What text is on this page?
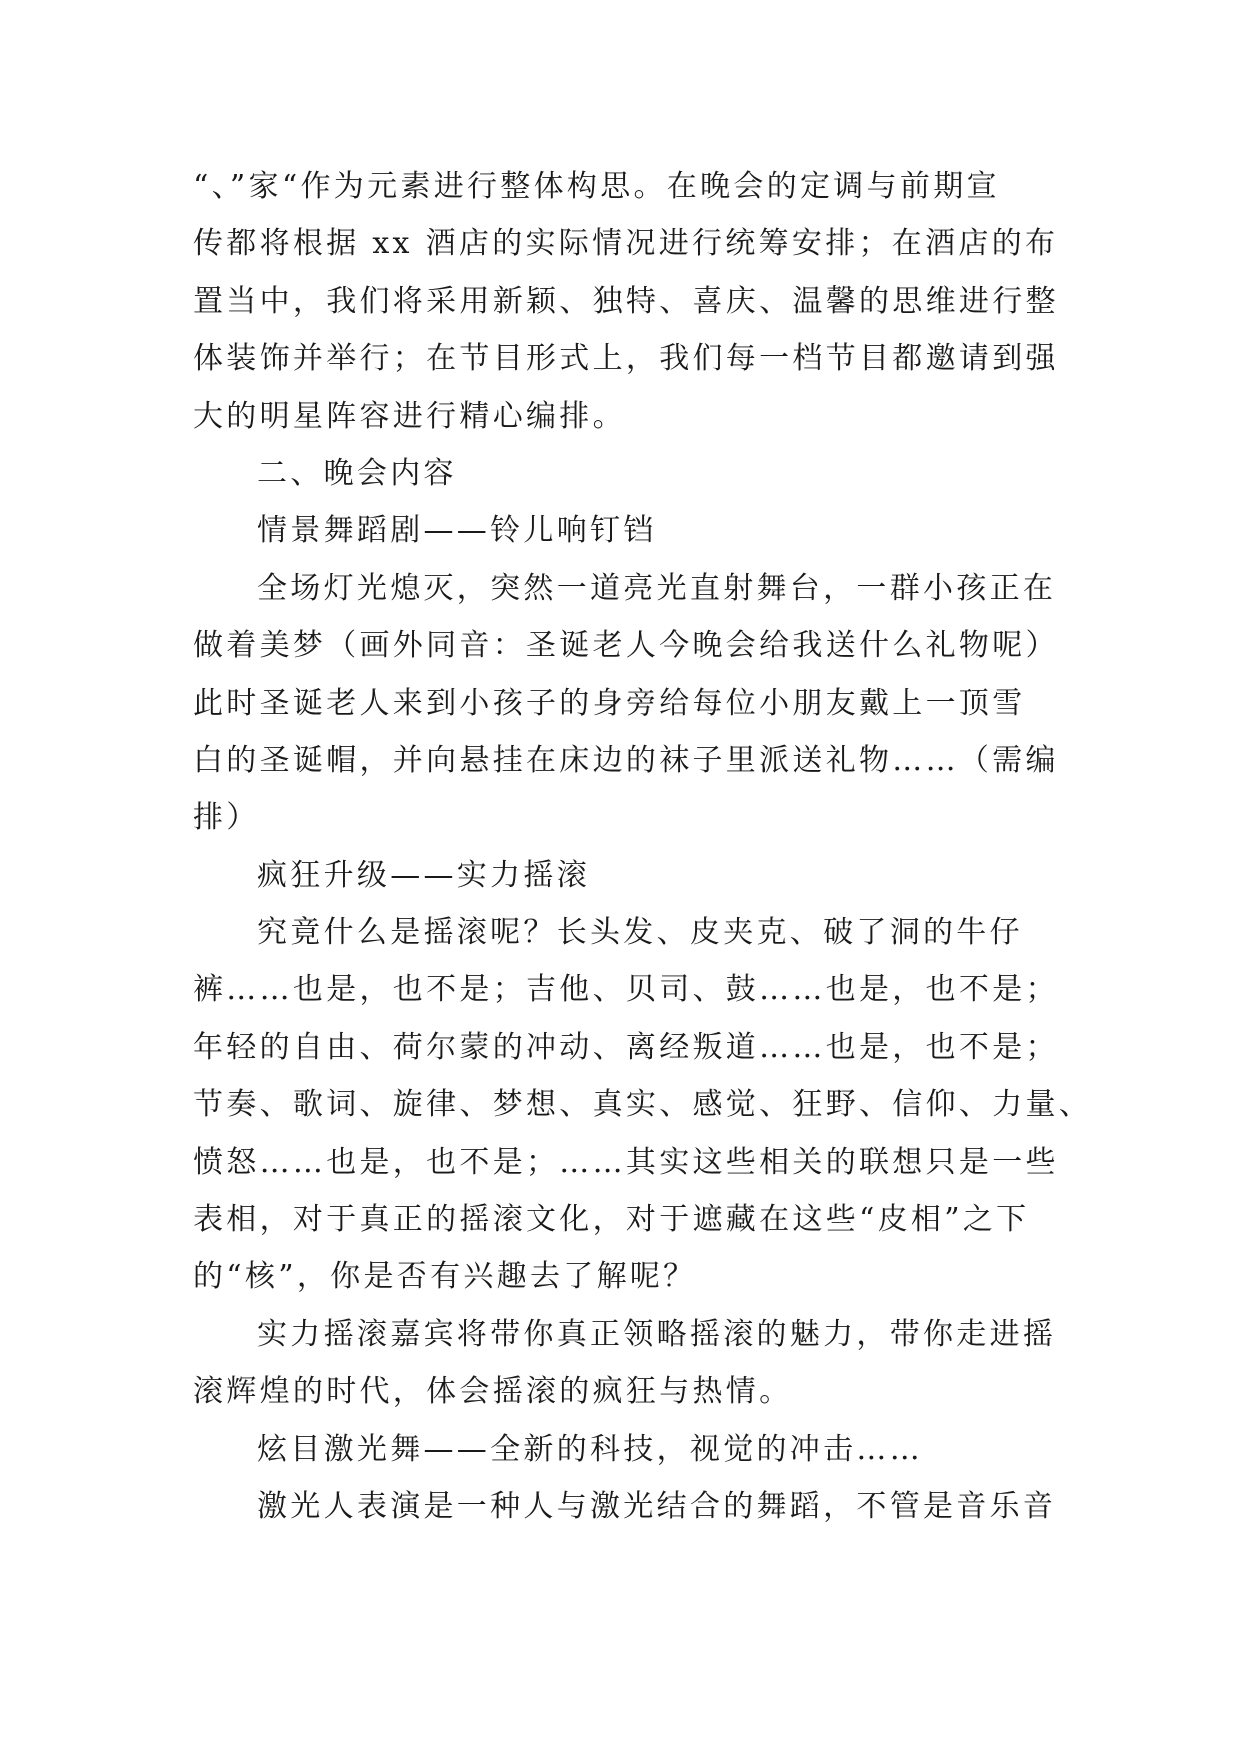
“、”家“作为元素进行整体构思。在晚会的定调与前期宣
传都将根据 xx 酒店的实际情况进行统筹安排；在酒店的布
置当中，我们将采用新颖、独特、喜庆、温馨的思维进行整
体装饰并举行；在节目形式上，我们每一档节目都邀请到强
大的明星阵容进行精心编排。
二、晚会内容
情景舞蹈剧——铃儿响钉铛
全场灯光熄灭，突然一道亮光直射舞台，一群小孩正在
做着美梦（画外同音：圣诞老人今晚会给我送什么礼物呢）
此时圣诞老人来到小孩子的身旁给每位小朋友戴上一顶雪
白的圣诞帽，并向悬挂在床边的袜子里派送礼物……（需编
排）
疯狂升级——实力摇滚
究竟什么是摇滚呢？长头发、皮夹克、破了洞的牛仔
裤……也是，也不是；吉他、贝司、鼓……也是，也不是；
年轻的自由、荷尔蒙的冲动、离经叛道……也是，也不是；
节奏、歌词、旋律、梦想、真实、感觉、狂野、信仰、力量、
愤怒……也是，也不是；……其实这些相关的联想只是一些
表相，对于真正的摇滚文化，对于遮藏在这些“皮相”之下
的“核”，你是否有兴趣去了解呢？
实力摇滚嘉宾将带你真正领略摇滚的魅力，带你走进摇
滚辉煌的时代，体会摇滚的疯狂与热情。
炫目激光舞——全新的科技，视觉的冲击……
激光人表演是一种人与激光结合的舞蹈，不管是音乐音
